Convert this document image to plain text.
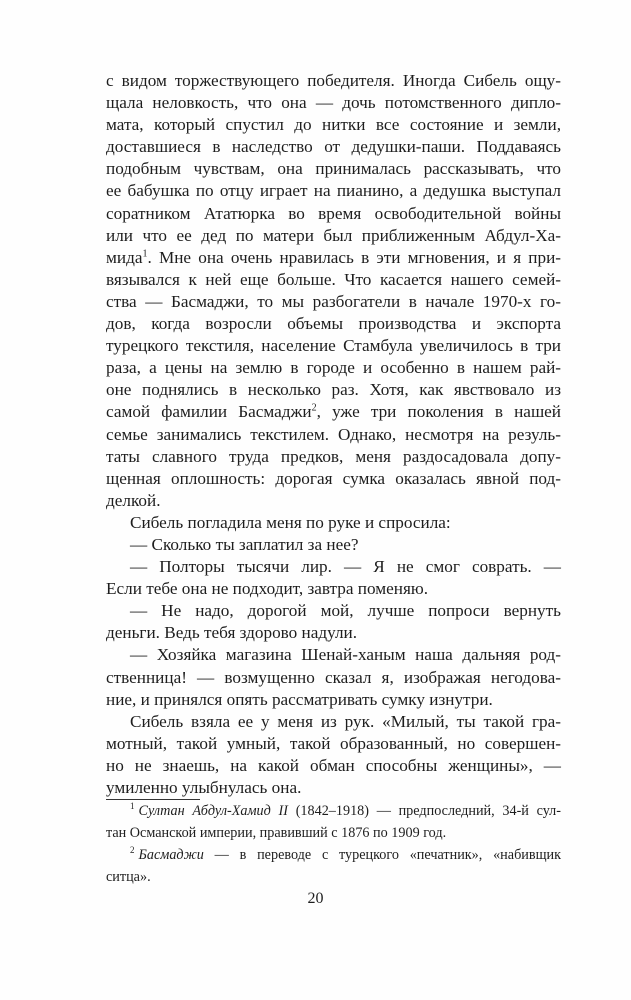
с видом торжествующего победителя. Иногда Сибель ощу-
щала неловкость, что она — дочь потомственного дипло-
мата, который спустил до нитки все состояние и земли,
доставшиеся в наследство от дедушки-паши. Поддаваясь
подобным чувствам, она принималась рассказывать, что
ее бабушка по отцу играет на пианино, а дедушка выступал
соратником Ататюрка во время освободительной войны
или что ее дед по матери был приближенным Абдул-Ха-
мида$^1$. Мне она очень нравилась в эти мгновения, и я при-
вязывался к ней еще больше. Что касается нашего семей-
ства — Басмаджи, то мы разбогатели в начале 1970-х го-
дов, когда возросли объемы производства и экспорта
турецкого текстиля, население Стамбула увеличилось в три
раза, а цены на землю в городе и особенно в нашем рай-
оне поднялись в несколько раз. Хотя, как явствовало из
самой фамилии Басмаджи$^2$, уже три поколения в нашей
семье занимались текстилем. Однако, несмотря на резуль-
таты славного труда предков, меня раздосадовала допу-
щенная оплошность: дорогая сумка оказалась явной под-
делкой.
Сибель погладила меня по руке и спросила:
— Сколько ты заплатил за нее?
— Полторы тысячи лир. — Я не смог соврать. —
Если тебе она не подходит, завтра поменяю.
— Не надо, дорогой мой, лучше попроси вернуть
деньги. Ведь тебя здорово надули.
— Хозяйка магазина Шенай-ханым наша дальняя род-
ственница! — возмущенно сказал я, изображая негодова-
ние, и принялся опять рассматривать сумку изнутри.
Сибель взяла ее у меня из рук. «Милый, ты такой гра-
мотный, такой умный, такой образованный, но совершен-
но не знаешь, на какой обман способны женщины», —
умиленно улыбнулась она.
$^1$ Султан Абдул-Хамид II (1842–1918) — предпоследний, 34-й сул-
тан Османской империи, правивший с 1876 по 1909 год.
$^2$ Басмаджи — в переводе с турецкого «печатник», «набивщик
ситца».
20
